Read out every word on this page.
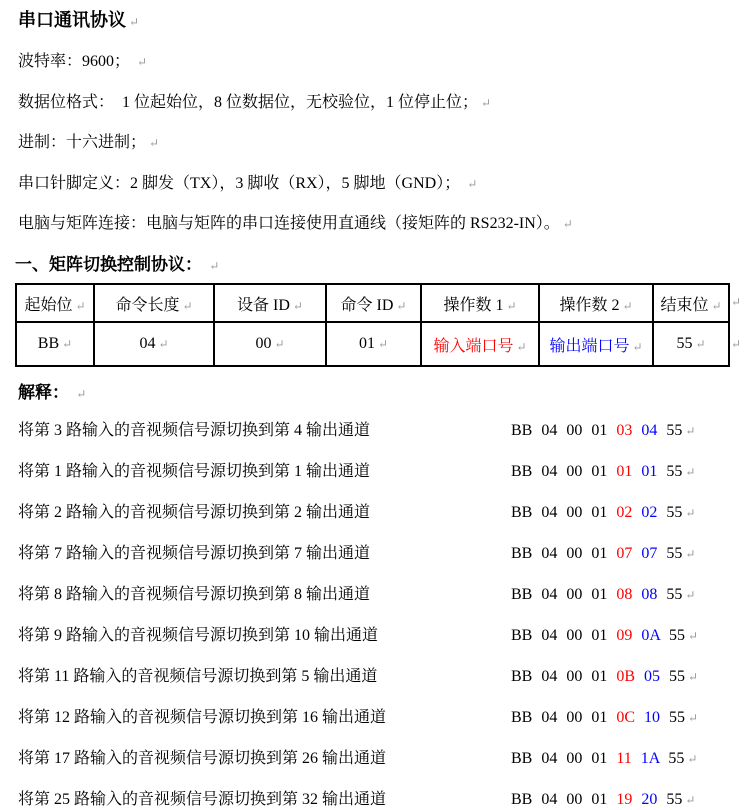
串口通讯协议 ↵

波特率：9600； ↵

数据位格式：  1 位起始位，8 位数据位，无校验位，1 位停止位； ↵

进制：十六进制； ↵

串口针脚定义：2 脚发（TX），3 脚收（RX），5 脚地（GND）； ↵

电脑与矩阵连接：电脑与矩阵的串口连接使用直通线（接矩阵的 RS232-IN）。 ↵

一、矩阵切换控制协议： ↵
起始位 ↵	命令长度 ↵	设备 ID ↵	命令 ID ↵	操作数 1 ↵	操作数 2 ↵	结束位 ↵
BB ↵	04 ↵	00 ↵	01 ↵	输入端口号 ↵	输出端口号 ↵	55 ↵
↵
↵

解释： ↵

将第 3 路输入的音视频信号源切换到第 4 输出通道	BB 04 00 01 03 04 55 ↵
将第 1 路输入的音视频信号源切换到第 1 输出通道	BB 04 00 01 01 01 55 ↵
将第 2 路输入的音视频信号源切换到第 2 输出通道	BB 04 00 01 02 02 55 ↵
将第 7 路输入的音视频信号源切换到第 7 输出通道	BB 04 00 01 07 07 55 ↵
将第 8 路输入的音视频信号源切换到第 8 输出通道	BB 04 00 01 08 08 55 ↵
将第 9 路输入的音视频信号源切换到第 10 输出通道	BB 04 00 01 09 0A 55 ↵
将第 11 路输入的音视频信号源切换到第 5 输出通道	BB 04 00 01 0B 05 55 ↵
将第 12 路输入的音视频信号源切换到第 16 输出通道	BB 04 00 01 0C 10 55 ↵
将第 17 路输入的音视频信号源切换到第 26 输出通道	BB 04 00 01 11 1A 55 ↵
将第 25 路输入的音视频信号源切换到第 32 输出通道	BB 04 00 01 19 20 55 ↵
